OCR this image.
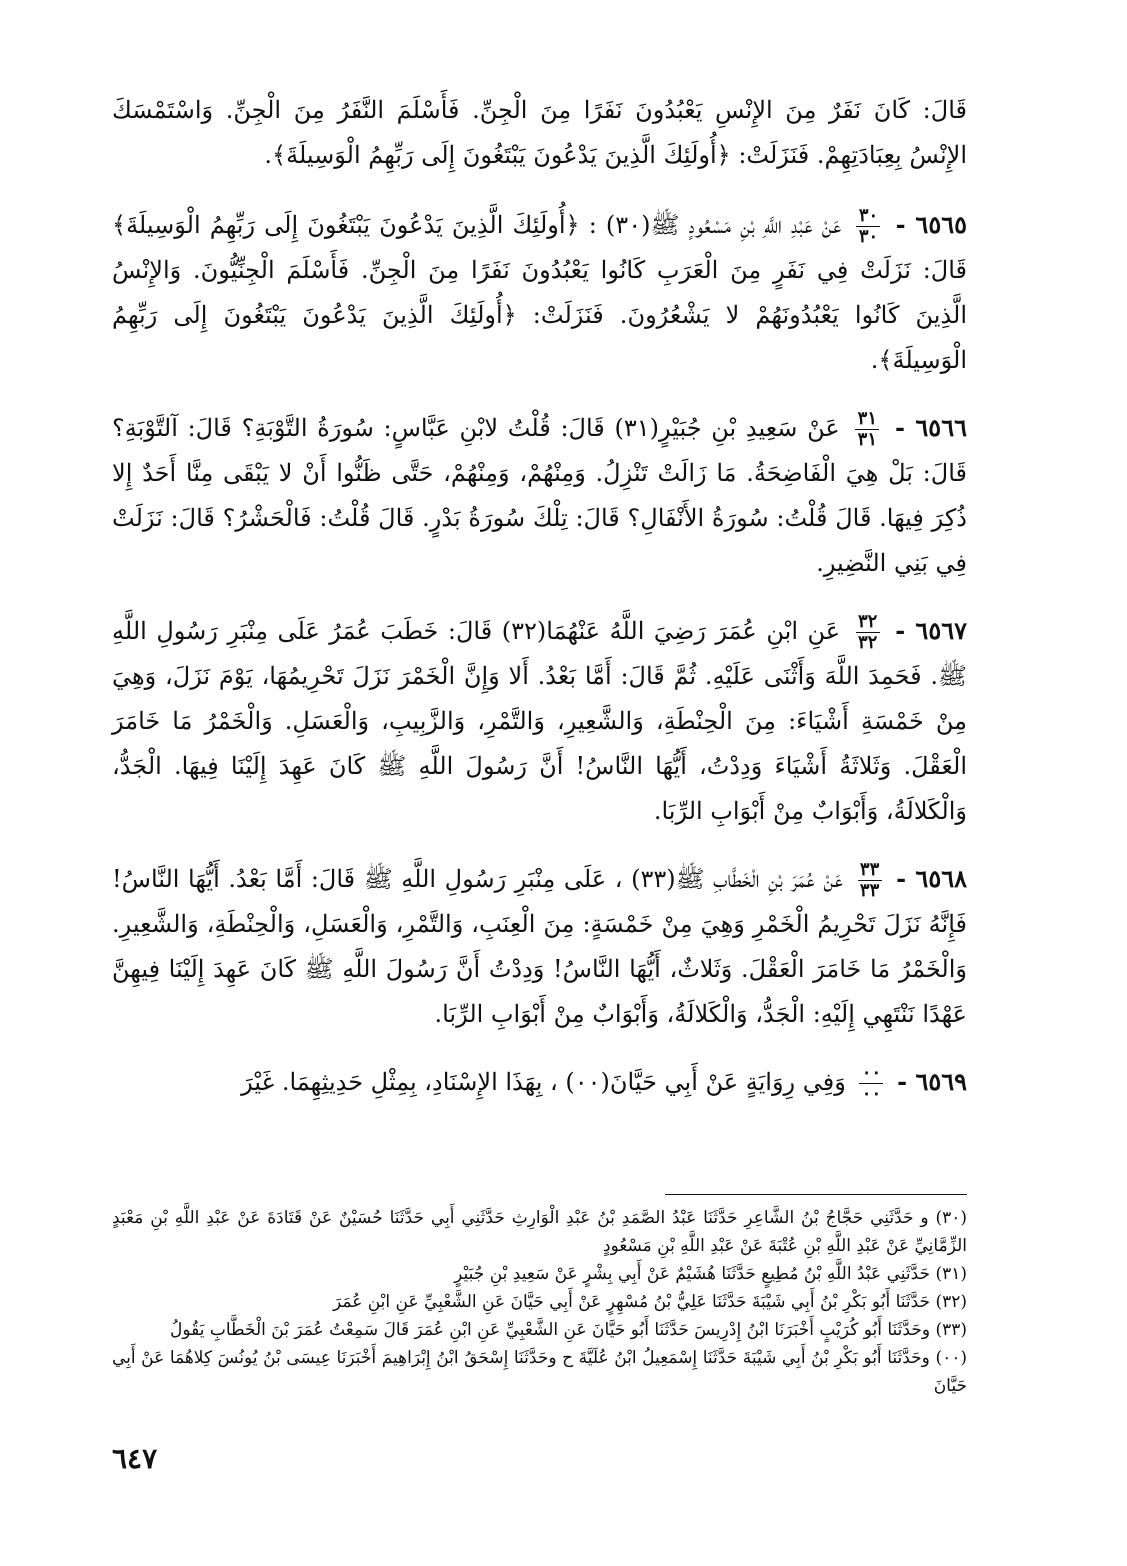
قَالَ: كَانَ نَفَرٌ مِنَ الإِنْسِ يَعْبُدُونَ نَفَرًا مِنَ الْجِنِّ. فَأَسْلَمَ النَّفَرُ مِنَ الْجِنِّ. وَاسْتَمْسَكَ الإِنْسُ بِعِبَادَتِهِمْ. فَنَزَلَتْ: ﴿أُولَئِكَ الَّذِينَ يَدْعُونَ يَبْتَغُونَ إِلَى رَبِّهِمُ الْوَسِيلَةَ﴾.

٦٥٦٥ -
$\frac{٣٠}{٣٠}$
عَنْ عَبْدِ اللَّهِ بْنِ مَسْعُودٍ ﷺ(٣٠) : ﴿أُولَئِكَ الَّذِينَ يَدْعُونَ يَبْتَغُونَ إِلَى رَبِّهِمُ الْوَسِيلَةَ﴾ قَالَ: نَزَلَتْ فِي نَفَرٍ مِنَ الْعَرَبِ كَانُوا يَعْبُدُونَ نَفَرًا مِنَ الْجِنِّ. فَأَسْلَمَ الْجِنِّيُّونَ. وَالإِنْسُ الَّذِينَ كَانُوا يَعْبُدُونَهُمْ لا يَشْعُرُونَ. فَنَزَلَتْ: ﴿أُولَئِكَ الَّذِينَ يَدْعُونَ يَبْتَغُونَ إِلَى رَبِّهِمُ الْوَسِيلَةَ﴾.

٦٥٦٦ -
$\frac{٣١}{٣١}$
عَنْ سَعِيدِ بْنِ جُبَيْرٍ(٣١) قَالَ: قُلْتُ لابْنِ عَبَّاسٍ: سُورَةُ التَّوْبَةِ؟ قَالَ: آلتَّوْبَةِ؟ قَالَ: بَلْ هِيَ الْفَاضِحَةُ. مَا زَالَتْ تَنْزِلُ. وَمِنْهُمْ، وَمِنْهُمْ، حَتَّى ظَنُّوا أَنْ لا يَبْقَى مِنَّا أَحَدٌ إِلا ذُكِرَ فِيهَا. قَالَ قُلْتُ: سُورَةُ الأَنْفَالِ؟ قَالَ: تِلْكَ سُورَةُ بَدْرٍ. قَالَ قُلْتُ: فَالْحَشْرُ؟ قَالَ: نَزَلَتْ فِي بَنِي النَّضِيرِ.

٦٥٦٧ -
$\frac{٣٢}{٣٢}$
عَنِ ابْنِ عُمَرَ رَضِيَ اللَّهُ عَنْهُمَا(٣٢) قَالَ: خَطَبَ عُمَرُ عَلَى مِنْبَرِ رَسُولِ اللَّهِ ﷺ. فَحَمِدَ اللَّهَ وَأَثْنَى عَلَيْهِ. ثُمَّ قَالَ: أَمَّا بَعْدُ. أَلا وَإِنَّ الْخَمْرَ نَزَلَ تَحْرِيمُهَا، يَوْمَ نَزَلَ، وَهِيَ مِنْ خَمْسَةِ أَشْيَاءَ: مِنَ الْحِنْطَةِ، وَالشَّعِيرِ، وَالتَّمْرِ، وَالزَّبِيبِ، وَالْعَسَلِ. وَالْخَمْرُ مَا خَامَرَ الْعَقْلَ. وَثَلاثَةُ أَشْيَاءَ وَدِدْتُ، أَيُّهَا النَّاسُ! أَنَّ رَسُولَ اللَّهِ ﷺ كَانَ عَهِدَ إِلَيْنَا فِيهَا. الْجَدُّ، وَالْكَلالَةُ، وَأَبْوَابٌ مِنْ أَبْوَابِ الرِّبَا.

٦٥٦٨ -
$\frac{٣٣}{٣٣}$
عَنْ عُمَرَ بْنِ الْخَطَّابِ ﷺ(٣٣) ، عَلَى مِنْبَرِ رَسُولِ اللَّهِ ﷺ قَالَ: أَمَّا بَعْدُ. أَيُّهَا النَّاسُ! فَإِنَّهُ نَزَلَ تَحْرِيمُ الْخَمْرِ وَهِيَ مِنْ خَمْسَةٍ: مِنَ الْعِنَبِ، وَالتَّمْرِ، وَالْعَسَلِ، وَالْحِنْطَةِ، وَالشَّعِيرِ. وَالْخَمْرُ مَا خَامَرَ الْعَقْلَ. وَثَلاثٌ، أَيُّهَا النَّاسُ! وَدِدْتُ أَنَّ رَسُولَ اللَّهِ ﷺ كَانَ عَهِدَ إِلَيْنَا فِيهِنَّ عَهْدًا نَنْتَهِي إِلَيْهِ: الْجَدُّ، وَالْكَلالَةُ، وَأَبْوَابٌ مِنْ أَبْوَابِ الرِّبَا.

٦٥٦٩ -
$\frac{٠٠}{٠٠}$
وَفِي رِوَايَةٍ عَنْ أَبِي حَيَّانَ(٠٠) ، بِهَذَا الإِسْنَادِ، بِمِثْلِ حَدِيثِهِمَا. غَيْرَ

(٣٠) و حَدَّثَنِي حَجَّاجُ بْنُ الشَّاعِرِ حَدَّثَنَا عَبْدُ الصَّمَدِ بْنُ عَبْدِ الْوَارِثِ حَدَّثَنِي أَبِي حَدَّثَنَا حُسَيْنٌ عَنْ قَتَادَةَ عَنْ عَبْدِ اللَّهِ بْنِ مَعْبَدٍ الزِّمَّانِيِّ عَنْ عَبْدِ اللَّهِ بْنِ عُتْبَةَ عَنْ عَبْدِ اللَّهِ بْنِ مَسْعُودٍ

(٣١) حَدَّثَنِي عَبْدُ اللَّهِ بْنُ مُطِيعٍ حَدَّثَنَا هُشَيْمٌ عَنْ أَبِي بِشْرٍ عَنْ سَعِيدِ بْنِ جُبَيْرٍ

(٣٢) حَدَّثَنَا أَبُو بَكْرِ بْنُ أَبِي شَيْبَةَ حَدَّثَنَا عَلِيُّ بْنُ مُسْهِرٍ عَنْ أَبِي حَيَّانَ عَنِ الشَّعْبِيِّ عَنِ ابْنِ عُمَرَ

(٣٣) وحَدَّثَنَا أَبُو كُرَيْبٍ أَخْبَرَنَا ابْنُ إِدْرِيسَ حَدَّثَنَا أَبُو حَيَّانَ عَنِ الشَّعْبِيِّ عَنِ ابْنِ عُمَرَ قَالَ سَمِعْتُ عُمَرَ بْنَ الْخَطَّابِ يَقُولُ

(٠٠) وحَدَّثَنَا أَبُو بَكْرِ بْنُ أَبِي شَيْبَةَ حَدَّثَنَا إِسْمَعِيلُ ابْنُ عُلَيَّةَ ح وحَدَّثَنَا إِسْحَقُ ابْنُ إِبْرَاهِيمَ أَخْبَرَنَا عِيسَى بْنُ يُونُسَ كِلاهُمَا عَنْ أَبِي حَيَّانَ

٦٤٧
